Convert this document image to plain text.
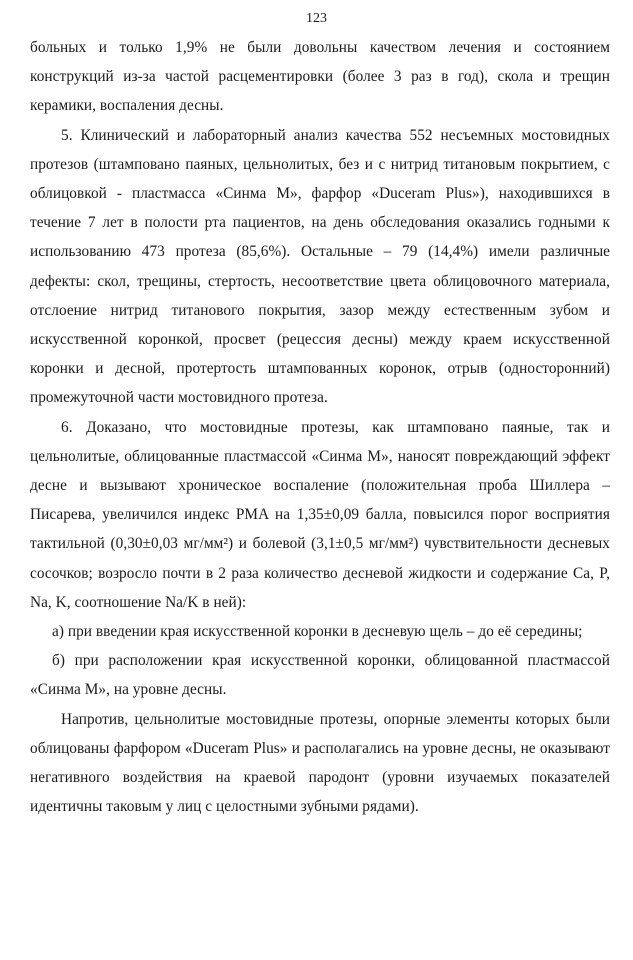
123

больных и только 1,9% не были довольны качеством лечения и состоянием конструкций из-за частой расцементировки (более 3 раз в год), скола и трещин керамики, воспаления десны.

5. Клинический и лабораторный анализ качества 552 несъемных мостовидных протезов (штамповано паяных, цельнолитых, без и с нитрид титановым покрытием, с облицовкой - пластмасса «Синма М», фарфор «Duceram Plus»), находившихся в течение 7 лет в полости рта пациентов, на день обследования оказались годными к использованию 473 протеза (85,6%). Остальные – 79 (14,4%) имели различные дефекты: скол, трещины, стертость, несоответствие цвета облицовочного материала, отслоение нитрид титанового покрытия, зазор между естественным зубом и искусственной коронкой, просвет (рецессия десны) между краем искусственной коронки и десной, протертость штампованных коронок, отрыв (односторонний) промежуточной части мостовидного протеза.

6. Доказано, что мостовидные протезы, как штамповано паяные, так и цельнолитые, облицованные пластмассой «Синма М», наносят повреждающий эффект десне и вызывают хроническое воспаление (положительная проба Шиллера – Писарева, увеличился индекс PMA на 1,35±0,09 балла, повысился порог восприятия тактильной (0,30±0,03 мг/мм²) и болевой (3,1±0,5 мг/мм²) чувствительности десневых сосочков; возросло почти в 2 раза количество десневой жидкости и содержание Ca, P, Na, K, соотношение Na/K в ней):

а) при введении края искусственной коронки в десневую щель – до её середины;

б) при расположении края искусственной коронки, облицованной пластмассой «Синма М», на уровне десны.

Напротив, цельнолитые мостовидные протезы, опорные элементы которых были облицованы фарфором «Duceram Plus» и располагались на уровне десны, не оказывают негативного воздействия на краевой пародонт (уровни изучаемых показателей идентичны таковым у лиц с целостными зубными рядами).
